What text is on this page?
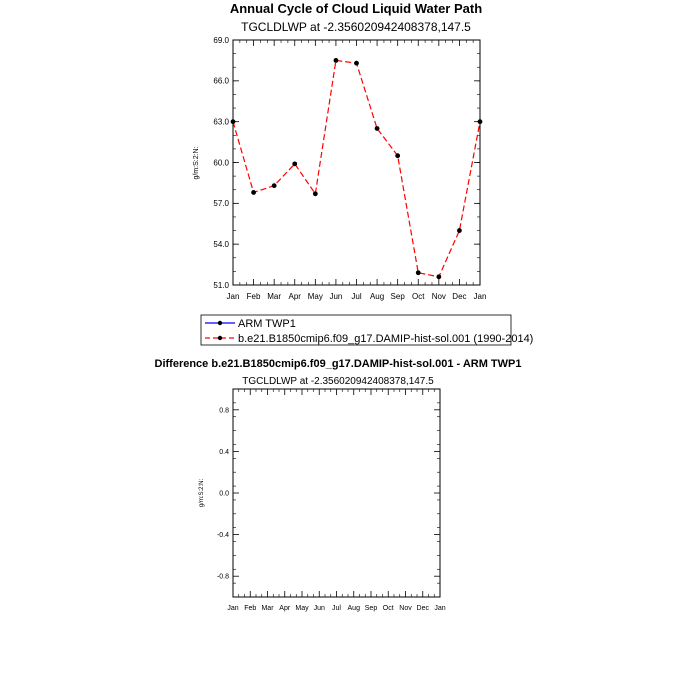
Annual Cycle of Cloud Liquid Water Path
TGCLDLWP at -2.356020942408378,147.5
g/m:S:2:N:
Jan Feb Mar Apr May Jun Jul Aug Sep Oct Nov Dec Jan
51.0
54.0
57.0
60.0
63.0
66.0
69.0
ARM TWP1
b.e21.B1850cmip6.f09_g17.DAMIP-hist-sol.001 (1990-2014)
Difference b.e21.B1850cmip6.f09_g17.DAMIP-hist-sol.001 - ARM TWP1
TGCLDLWP at -2.356020942408378,147.5
g/m:S:2:N:
Jan Feb Mar Apr May Jun Jul Aug Sep Oct Nov Dec Jan
-0.8
-0.4
0.0
0.4
0.8
